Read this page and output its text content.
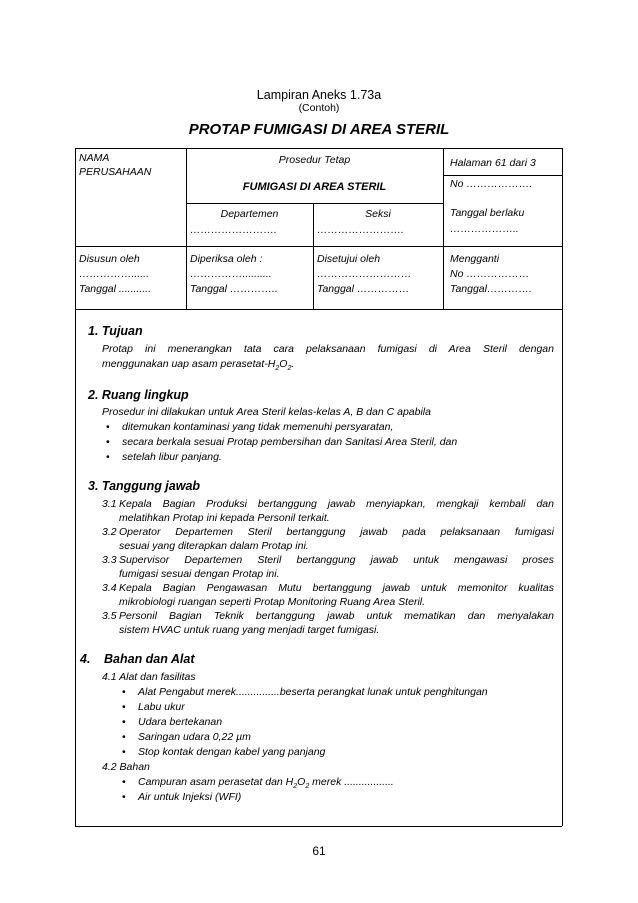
Lampiran Aneks 1.73a
(Contoh)
PROTAP FUMIGASI DI AREA STERIL
NAMA
PERUSAHAAN
Prosedur Tetap
FUMIGASI DI AREA STERIL
Departemen
…………………….
Seksi
…………………….
Halaman 61 dari 3
No ……………….
Tanggal berlaku
………………..
Disusun oleh
……………......
Tanggal ...........
Diperiksa oleh :
……………..........
Tanggal …………..
Disetujui oleh
………………………
Tanggal ……………
Mengganti
No ………………
Tanggal………….
1. Tujuan
Protap ini menerangkan tata cara pelaksanaan fumigasi di Area Steril dengan
menggunakan uap asam perasetat-$H_2O_2$.
2. Ruang lingkup
Prosedur ini dilakukan untuk Area Steril kelas-kelas A, B dan C apabila
• ditemukan kontaminasi yang tidak memenuhi persyaratan,
• secara berkala sesuai Protap pembersihan dan Sanitasi Area Steril, dan
• setelah libur panjang.
3. Tanggung jawab
3.1 Kepala Bagian Produksi bertanggung jawab menyiapkan, mengkaji kembali dan
melatihkan Protap ini kepada Personil terkait.
3.2 Operator Departemen Steril bertanggung jawab pada pelaksanaan fumigasi
sesuai yang diterapkan dalam Protap ini.
3.3 Supervisor Departemen Steril bertanggung jawab untuk mengawasi proses
fumigasi sesuai dengan Protap ini.
3.4 Kepala Bagian Pengawasan Mutu bertanggung jawab untuk memonitor kualitas
mikrobiologi ruangan seperti Protap Monitoring Ruang Area Steril.
3.5 Personil Bagian Teknik bertanggung jawab untuk mematikan dan menyalakan
sistem HVAC untuk ruang yang menjadi target fumigasi.
4. Bahan dan Alat
4.1 Alat dan fasilitas
• Alat Pengabut merek...............beserta perangkat lunak untuk penghitungan
• Labu ukur
• Udara bertekanan
• Saringan udara 0,22 µm
• Stop kontak dengan kabel yang panjang
4.2 Bahan
• Campuran asam perasetat dan $H_2O_2$ merek .................
• Air untuk Injeksi (WFI)
61
